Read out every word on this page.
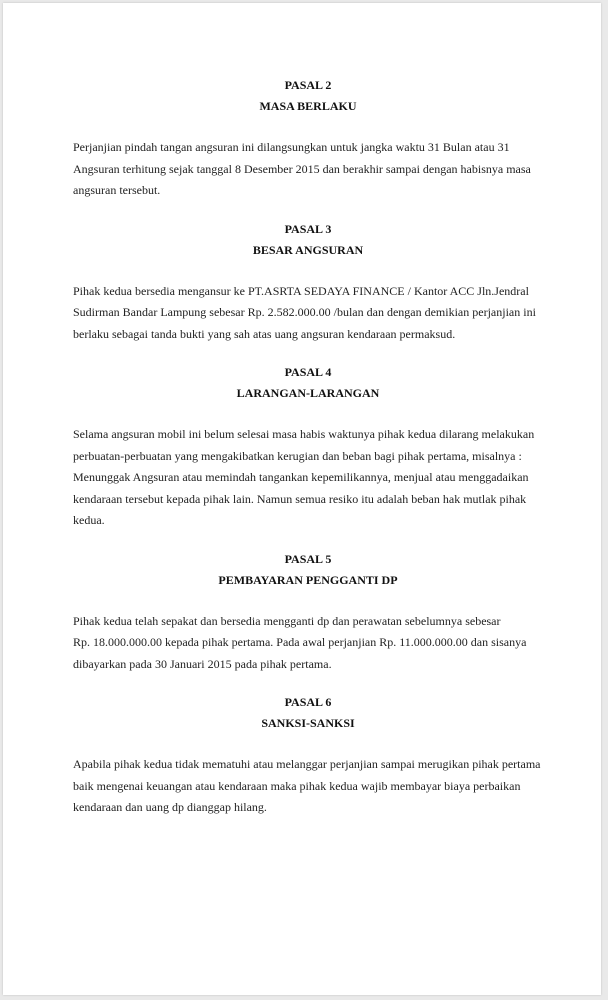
PASAL 2

MASA BERLAKU

Perjanjian pindah tangan angsuran ini dilangsungkan untuk jangka waktu 31 Bulan atau 31
Angsuran terhitung sejak tanggal 8 Desember 2015 dan berakhir sampai dengan habisnya masa
angsuran tersebut.

PASAL 3

BESAR ANGSURAN

Pihak kedua bersedia mengansur ke PT.ASRTA SEDAYA FINANCE / Kantor ACC Jln.Jendral
Sudirman Bandar Lampung sebesar Rp. 2.582.000.00 /bulan dan dengan demikian perjanjian ini
berlaku sebagai tanda bukti yang sah atas uang angsuran kendaraan permaksud.

PASAL 4

LARANGAN-LARANGAN

Selama angsuran mobil ini belum selesai masa habis waktunya pihak kedua dilarang melakukan
perbuatan-perbuatan yang mengakibatkan kerugian dan beban bagi pihak pertama, misalnya :
Menunggak Angsuran atau memindah tangankan kepemilikannya, menjual atau menggadaikan
kendaraan tersebut kepada pihak lain. Namun semua resiko itu adalah beban hak mutlak pihak
kedua.

PASAL 5

PEMBAYARAN PENGGANTI DP

Pihak kedua telah sepakat dan bersedia mengganti dp dan perawatan sebelumnya sebesar
Rp. 18.000.000.00 kepada pihak pertama. Pada awal perjanjian Rp. 11.000.000.00 dan sisanya
dibayarkan pada 30 Januari 2015 pada pihak pertama.

PASAL 6

SANKSI-SANKSI

Apabila pihak kedua tidak mematuhi atau melanggar perjanjian sampai merugikan pihak pertama
baik mengenai keuangan atau kendaraan maka pihak kedua wajib membayar biaya perbaikan
kendaraan dan uang dp dianggap hilang.
